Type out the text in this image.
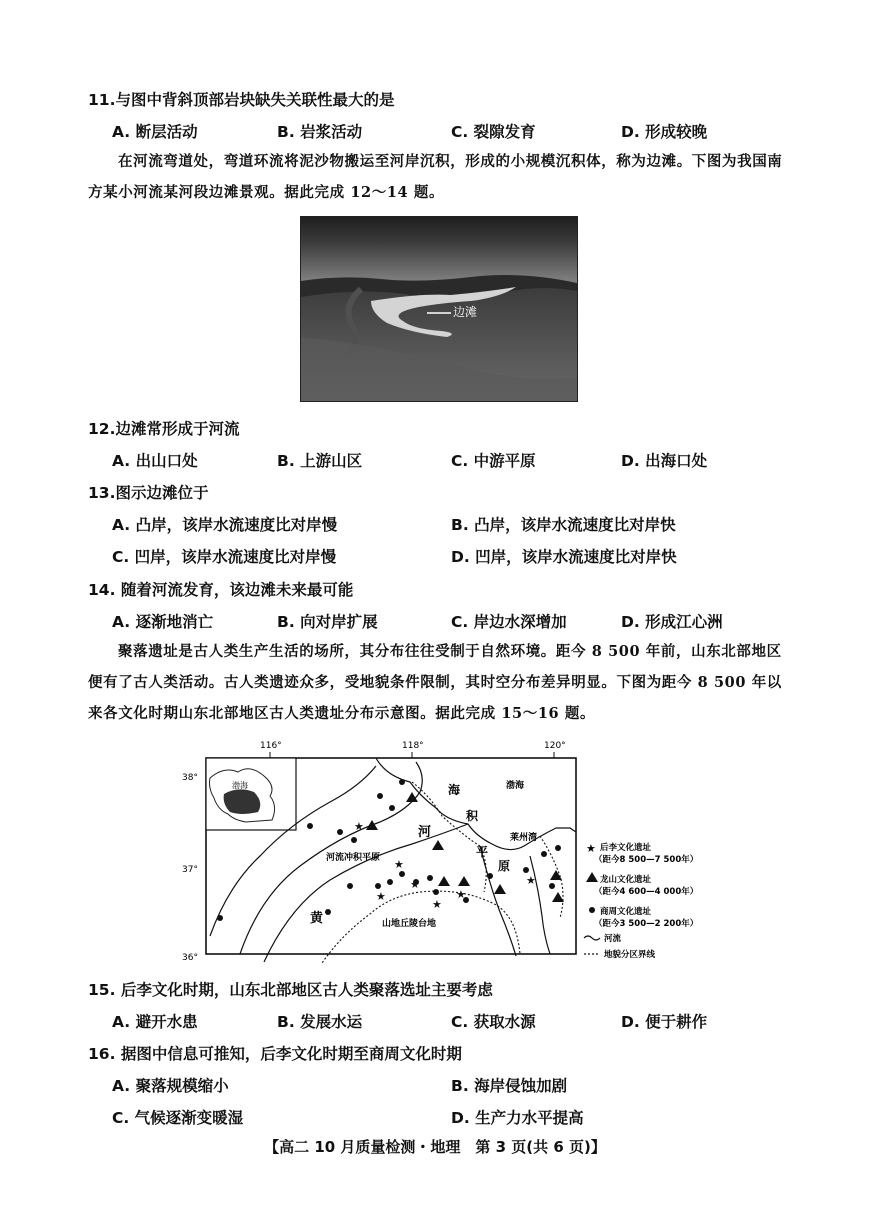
11.与图中背斜顶部岩块缺失关联性最大的是
A. 断层活动	B. 岩浆活动	C. 裂隙发育	D. 形成较晚
在河流弯道处，弯道环流将泥沙物搬运至河岸沉积，形成的小规模沉积体，称为边滩。下图为我国南
方某小河流某河段边滩景观。据此完成 12～14 题。
边滩
12.边滩常形成于河流
A. 出山口处	B. 上游山区	C. 中游平原	D. 出海口处
13.图示边滩位于
A. 凸岸，该岸水流速度比对岸慢	B. 凸岸，该岸水流速度比对岸快
C. 凹岸，该岸水流速度比对岸慢	D. 凹岸，该岸水流速度比对岸快
14. 随着河流发育，该边滩未来最可能
A. 逐渐地消亡	B. 向对岸扩展	C. 岸边水深增加	D. 形成江心洲
聚落遗址是古人类生产生活的场所，其分布往往受制于自然环境。距今 8 500 年前，山东北部地区
便有了古人类活动。古人类遗迹众多，受地貌条件限制，其时空分布差异明显。下图为距今 8 500 年以
来各文化时期山东北部地区古人类遗址分布示意图。据此完成 15～16 题。
渤海
116°	118°	120°
38°
37°
36°
渤海
莱州湾
黄
河
海
积
平
原
河流冲积平原
山地丘陵台地
★
★
★
★
★
★
★
★ 后李文化遗址
（距今8 500—7 500年）
龙山文化遗址
（距今4 600—4 000年）
商周文化遗址
（距今3 500—2 200年）
河流
地貌分区界线
15. 后李文化时期，山东北部地区古人类聚落选址主要考虑
A. 避开水患	B. 发展水运	C. 获取水源	D. 便于耕作
16. 据图中信息可推知，后李文化时期至商周文化时期
A. 聚落规模缩小	B. 海岸侵蚀加剧
C. 气候逐渐变暖湿	D. 生产力水平提高
【高二 10 月质量检测・地理　第 3 页(共 6 页)】
